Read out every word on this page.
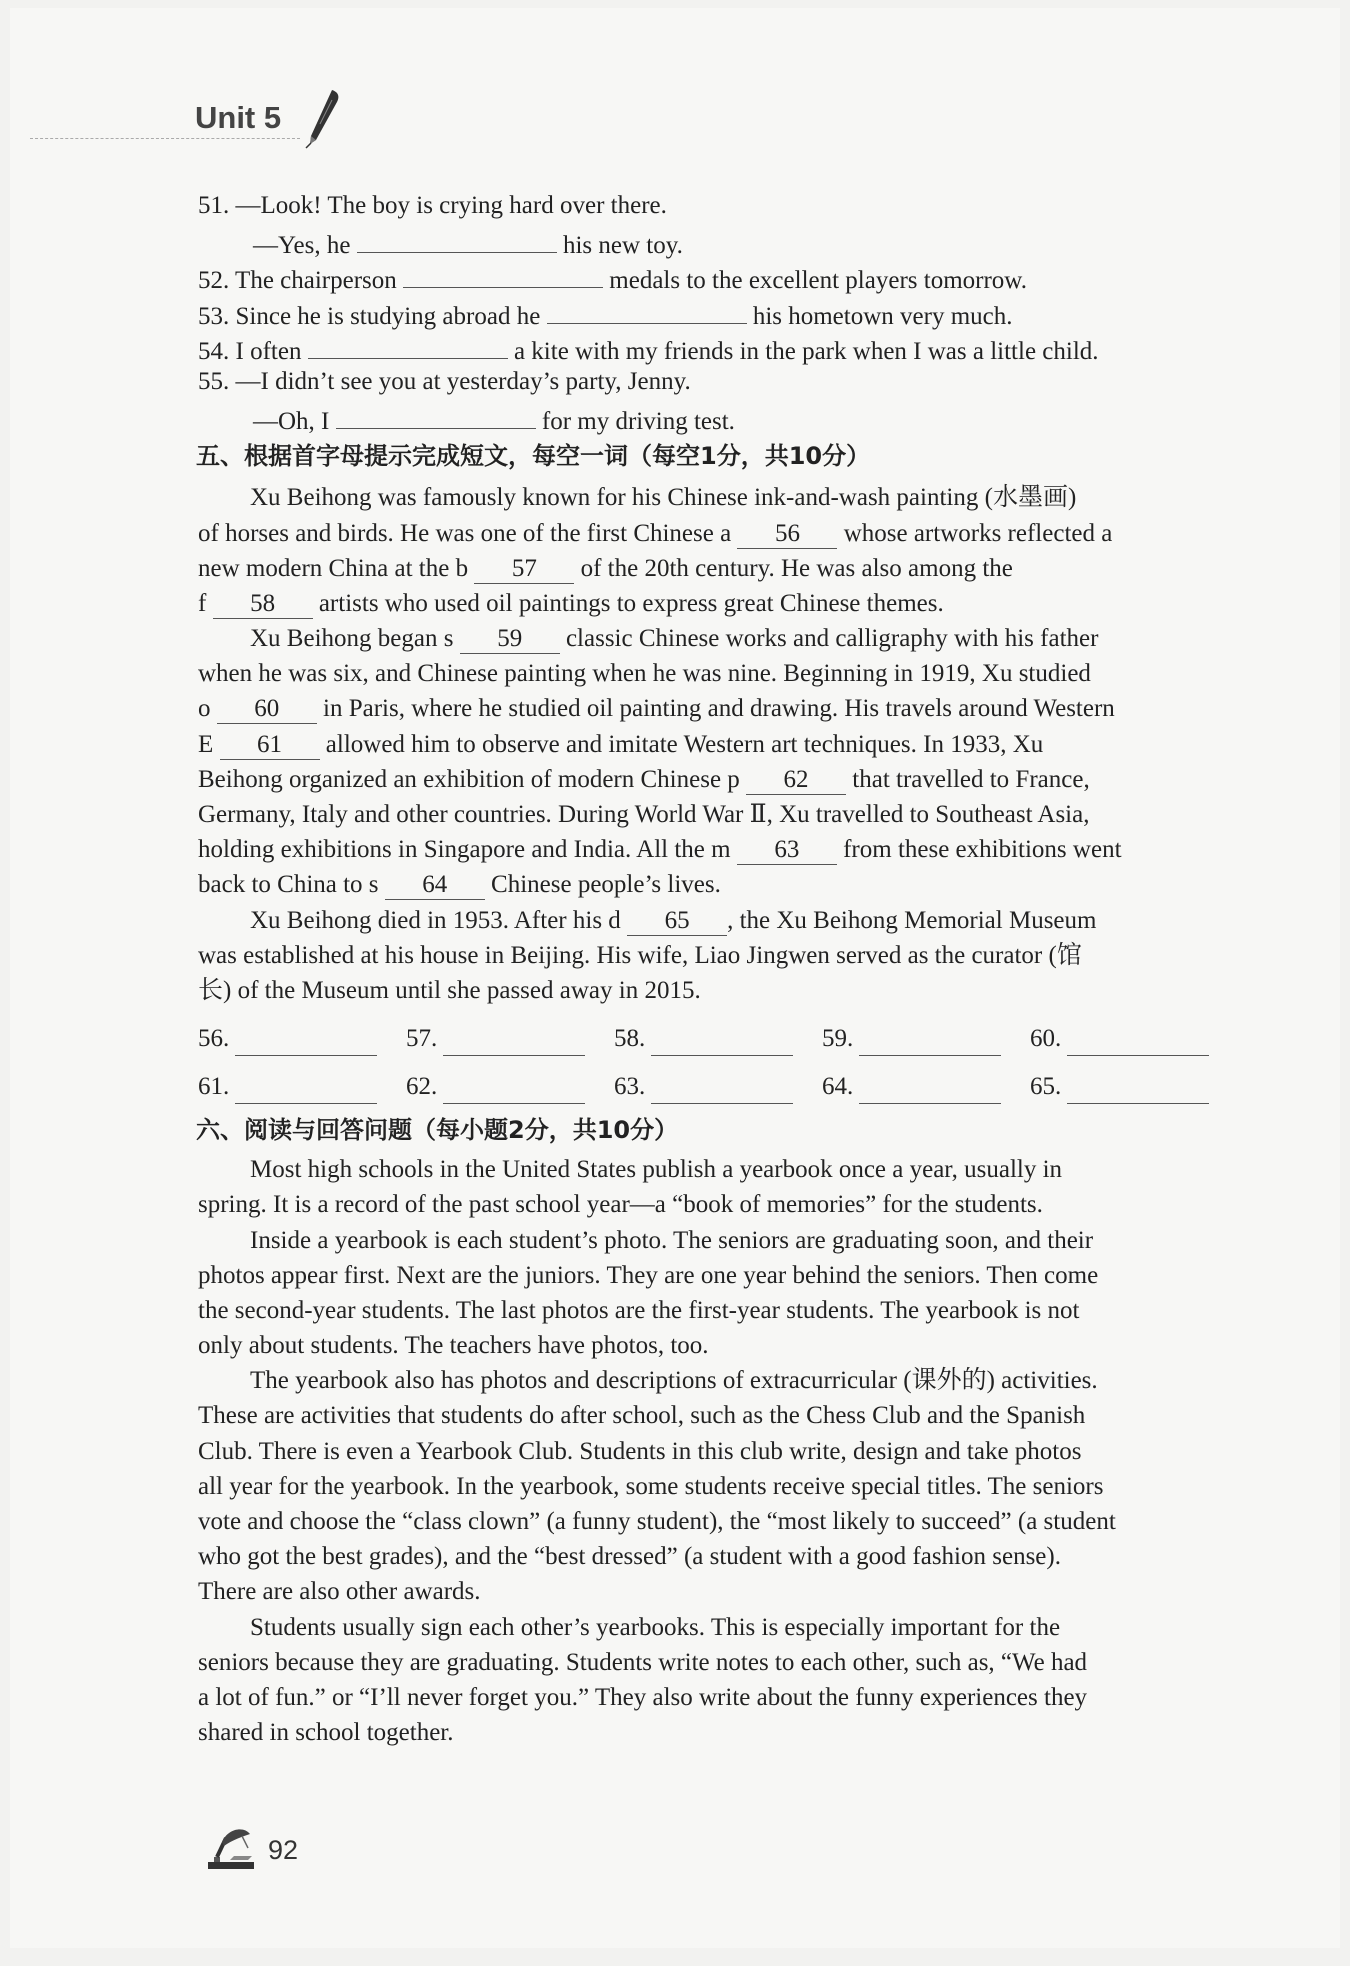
Unit 5
51. —Look! The boy is crying hard over there.
—Yes, he	his new toy.
52. The chairperson	medals to the excellent players tomorrow.
53. Since he is studying abroad he	his hometown very much.
54. I often	a kite with my friends in the park when I was a little child.
55. —I didn’t see you at yesterday’s party, Jenny.
—Oh, I	for my driving test.
五、根据首字母提示完成短文，每空一词（每空1分，共10分）
Xu Beihong was famously known for his Chinese ink-and-wash painting (水墨画)
of horses and birds. He was one of the first Chinese a 56 whose artworks reflected a
new modern China at the b 57 of the 20th century. He was also among the
f 58 artists who used oil paintings to express great Chinese themes.
Xu Beihong began s 59 classic Chinese works and calligraphy with his father
when he was six, and Chinese painting when he was nine. Beginning in 1919, Xu studied
o 60 in Paris, where he studied oil painting and drawing. His travels around Western
E 61 allowed him to observe and imitate Western art techniques. In 1933, Xu
Beihong organized an exhibition of modern Chinese p 62 that travelled to France,
Germany, Italy and other countries. During World War Ⅱ, Xu travelled to Southeast Asia,
holding exhibitions in Singapore and India. All the m 63 from these exhibitions went
back to China to s 64 Chinese people’s lives.
Xu Beihong died in 1953. After his d 65 , the Xu Beihong Memorial Museum
was established at his house in Beijing. His wife, Liao Jingwen served as the curator (馆
长) of the Museum until she passed away in 2015.
56.	57.	58.	59.	60.
61.	62.	63.	64.	65.
六、阅读与回答问题（每小题2分，共10分）
Most high schools in the United States publish a yearbook once a year, usually in
spring. It is a record of the past school year—a “book of memories” for the students.
Inside a yearbook is each student’s photo. The seniors are graduating soon, and their
photos appear first. Next are the juniors. They are one year behind the seniors. Then come
the second-year students. The last photos are the first-year students. The yearbook is not
only about students. The teachers have photos, too.
The yearbook also has photos and descriptions of extracurricular (课外的) activities.
These are activities that students do after school, such as the Chess Club and the Spanish
Club. There is even a Yearbook Club. Students in this club write, design and take photos
all year for the yearbook. In the yearbook, some students receive special titles. The seniors
vote and choose the “class clown” (a funny student), the “most likely to succeed” (a student
who got the best grades), and the “best dressed” (a student with a good fashion sense).
There are also other awards.
Students usually sign each other’s yearbooks. This is especially important for the
seniors because they are graduating. Students write notes to each other, such as, “We had
a lot of fun.” or “I’ll never forget you.” They also write about the funny experiences they
shared in school together.
92
